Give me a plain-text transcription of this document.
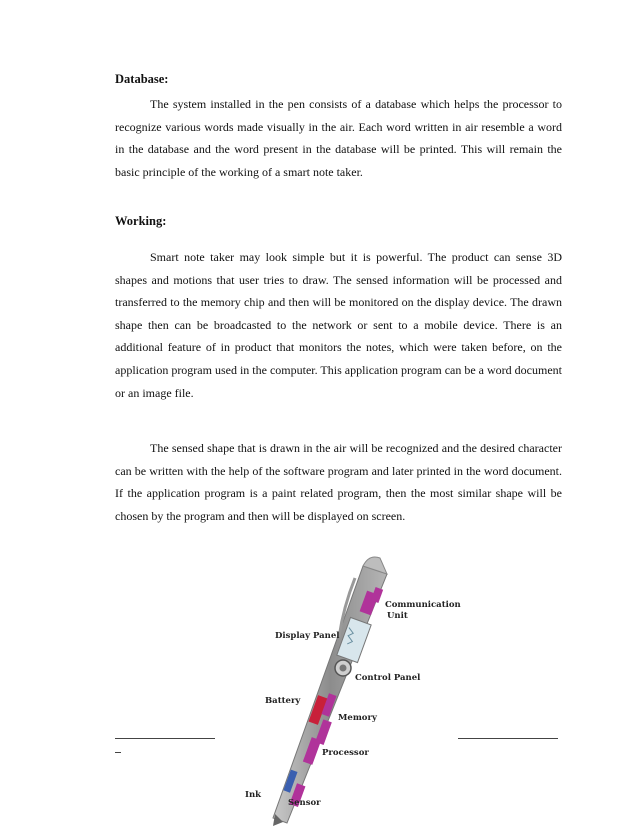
Database:
The system installed in the pen consists of a database which helps the processor to recognize various words made visually in the air. Each word written in air resemble a word in the database and the word present in the database will be printed. This will remain the basic principle of the working of a smart note taker.
Working:
Smart note taker may look simple but it is powerful. The product can sense 3D shapes and motions that user tries to draw. The sensed information will be processed and transferred to the memory chip and then will be monitored on the display device. The drawn shape then can be broadcasted to the network or sent to a mobile device. There is an additional feature of in product that monitors the notes, which were taken before, on the application program used in the computer. This application program can be a word document or an image file.
The sensed shape that is drawn in the air will be recognized and the desired character can be written with the help of the software program and later printed in the word document. If the application program is a paint related program, then the most similar shape will be chosen by the program and then will be displayed on screen.
Communication
Unit
Display Panel
Control Panel
Battery
Memory
Processor
Ink
Sensor
